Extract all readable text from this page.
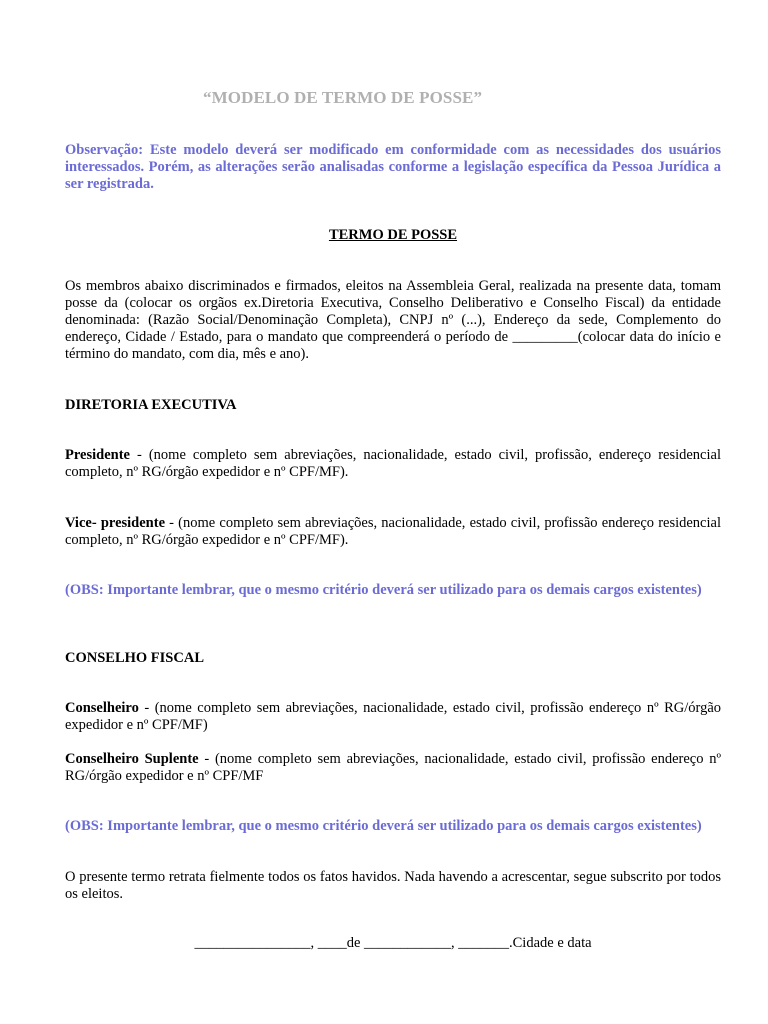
“MODELO DE TERMO DE POSSE”
Observação: Este modelo deverá ser modificado em conformidade com as necessidades dos usuários interessados. Porém, as alterações serão analisadas conforme a legislação específica da Pessoa Jurídica a ser registrada.
TERMO DE POSSE
Os membros abaixo discriminados e firmados, eleitos na Assembleia Geral, realizada na presente data, tomam posse da (colocar os orgãos ex.Diretoria Executiva, Conselho Deliberativo e Conselho Fiscal) da entidade denominada: (Razão Social/Denominação Completa), CNPJ nº (...), Endereço da sede, Complemento do endereço, Cidade / Estado, para o mandato que compreenderá o período de _________(colocar data do início e término do mandato, com dia, mês e ano).
DIRETORIA EXECUTIVA
Presidente - (nome completo sem abreviações, nacionalidade, estado civil, profissão, endereço residencial completo, nº RG/órgão expedidor e nº CPF/MF).
Vice- presidente - (nome completo sem abreviações, nacionalidade, estado civil, profissão endereço residencial completo, nº RG/órgão expedidor e nº CPF/MF).
(OBS: Importante lembrar, que o mesmo critério deverá ser utilizado para os demais cargos existentes)
CONSELHO FISCAL
Conselheiro - (nome completo sem abreviações, nacionalidade, estado civil, profissão endereço nº RG/órgão expedidor e nº CPF/MF)
Conselheiro Suplente - (nome completo sem abreviações, nacionalidade, estado civil, profissão endereço nº RG/órgão expedidor e nº CPF/MF
(OBS: Importante lembrar, que o mesmo critério deverá ser utilizado para os demais cargos existentes)
O presente termo retrata fielmente todos os fatos havidos. Nada havendo a acrescentar, segue subscrito por todos os eleitos.
________________, ____de ____________, _______.Cidade e data
